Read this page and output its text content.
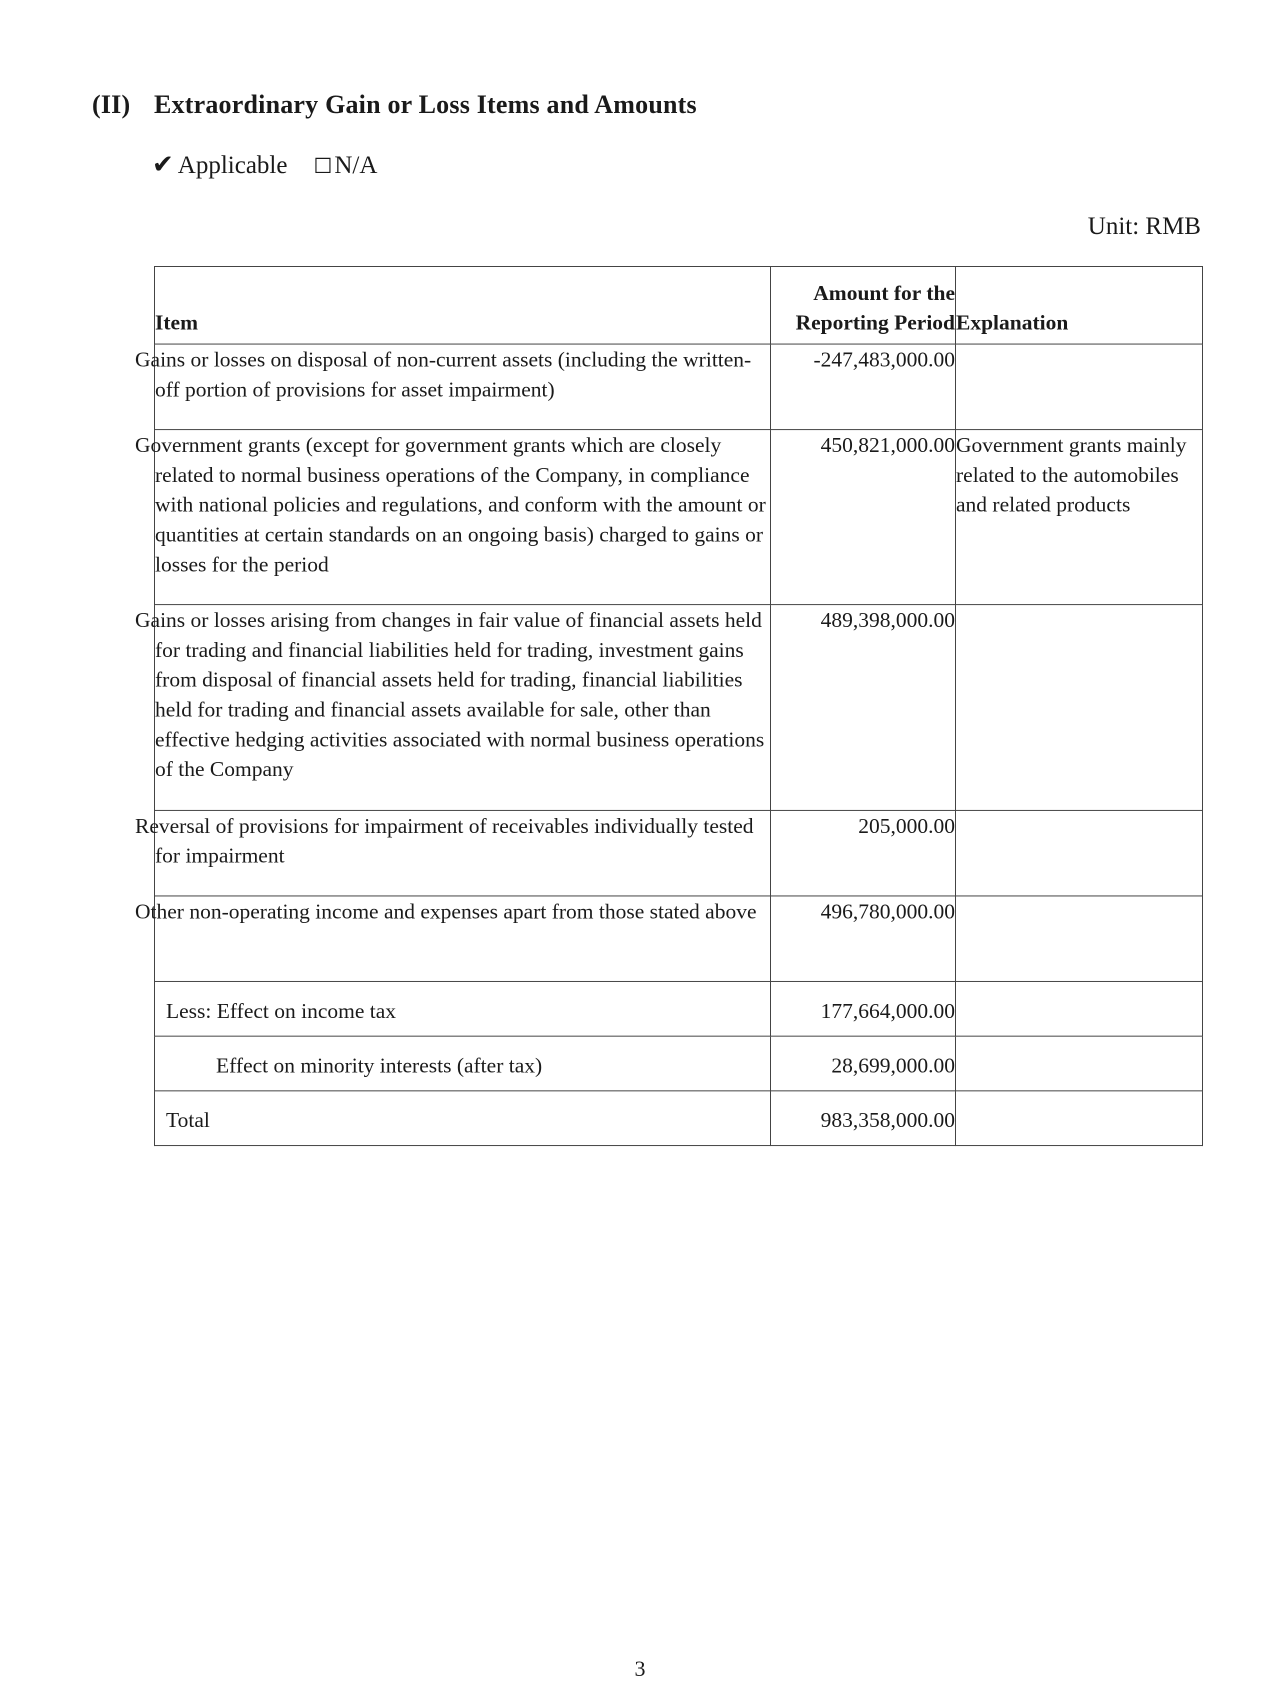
(II) Extraordinary Gain or Loss Items and Amounts
✔ Applicable ☐N/A
Unit: RMB
Item	Amount for the Reporting Period	Explanation
Gains or losses on disposal of non-current assets (including the written-off portion of provisions for asset impairment)	-247,483,000.00	
Government grants (except for government grants which are closely related to normal business operations of the Company, in compliance with national policies and regulations, and conform with the amount or quantities at certain standards on an ongoing basis) charged to gains or losses for the period	450,821,000.00	Government grants mainly related to the automobiles and related products
Gains or losses arising from changes in fair value of financial assets held for trading and financial liabilities held for trading, investment gains from disposal of financial assets held for trading, financial liabilities held for trading and financial assets available for sale, other than effective hedging activities associated with normal business operations of the Company	489,398,000.00	
Reversal of provisions for impairment of receivables individually tested for impairment	205,000.00	
Other non-operating income and expenses apart from those stated above	496,780,000.00	
Less: Effect on income tax	177,664,000.00	
Effect on minority interests (after tax)	28,699,000.00	
Total	983,358,000.00	
3
